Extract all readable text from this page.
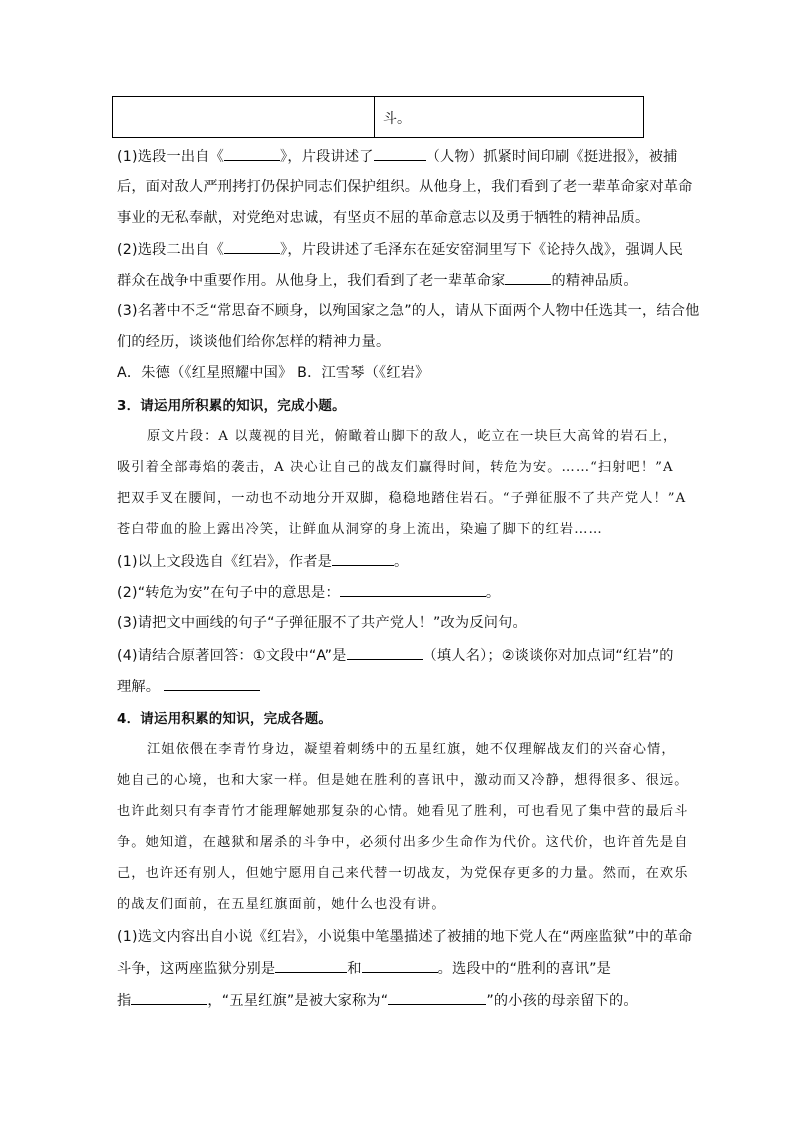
斗。
(1)选段一出自《	》，片段讲述了	（人物）抓紧时间印刷《挺进报》，被捕
后，面对敌人严刑拷打仍保护同志们保护组织。从他身上，我们看到了老一辈革命家对革命
事业的无私奉献，对党绝对忠诚，有坚贞不屈的革命意志以及勇于牺牲的精神品质。
(2)选段二出自《	》，片段讲述了毛泽东在延安窑洞里写下《论持久战》，强调人民
群众在战争中重要作用。从他身上，我们看到了老一辈革命家	的精神品质。
(3)名著中不乏“常思奋不顾身，以殉国家之急”的人，请从下面两个人物中任选其一，结合他
们的经历，谈谈他们给你怎样的精神力量。
A．朱德（《红星照耀中国》 B．江雪琴（《红岩》
3．请运用所积累的知识，完成小题。
原文片段：A 以蔑视的目光，俯瞰着山脚下的敌人，屹立在一块巨大高耸的岩石上，
吸引着全部毒焰的袭击，A 决心让自己的战友们赢得时间，转危为安。……“扫射吧！”A
把双手叉在腰间，一动也不动地分开双脚，稳稳地踏住岩石。“子弹征服不了共产党人！”A
苍白带血的脸上露出冷笑，让鲜血从洞穿的身上流出，染遍了脚下的红岩……
(1)以上文段选自《红岩》，作者是	。
(2)“转危为安”在句子中的意思是：	。
(3)请把文中画线的句子“子弹征服不了共产党人！”改为反问句。
(4)请结合原著回答：①文段中“A”是	（填人名）；②谈谈你对加点词“红岩”的
理解。
4．请运用积累的知识，完成各题。
江姐依偎在李青竹身边，凝望着刺绣中的五星红旗，她不仅理解战友们的兴奋心情，
她自己的心境，也和大家一样。但是她在胜利的喜讯中，激动而又冷静，想得很多、很远。
也许此刻只有李青竹才能理解她那复杂的心情。她看见了胜利，可也看见了集中营的最后斗
争。她知道，在越狱和屠杀的斗争中，必须付出多少生命作为代价。这代价，也许首先是自
己，也许还有别人，但她宁愿用自己来代替一切战友，为党保存更多的力量。然而，在欢乐
的战友们面前，在五星红旗面前，她什么也没有讲。
(1)选文内容出自小说《红岩》，小说集中笔墨描述了被捕的地下党人在“两座监狱”中的革命
斗争，这两座监狱分别是	和	。选段中的“胜利的喜讯”是
指	，“五星红旗”是被大家称为“	”的小孩的母亲留下的。
